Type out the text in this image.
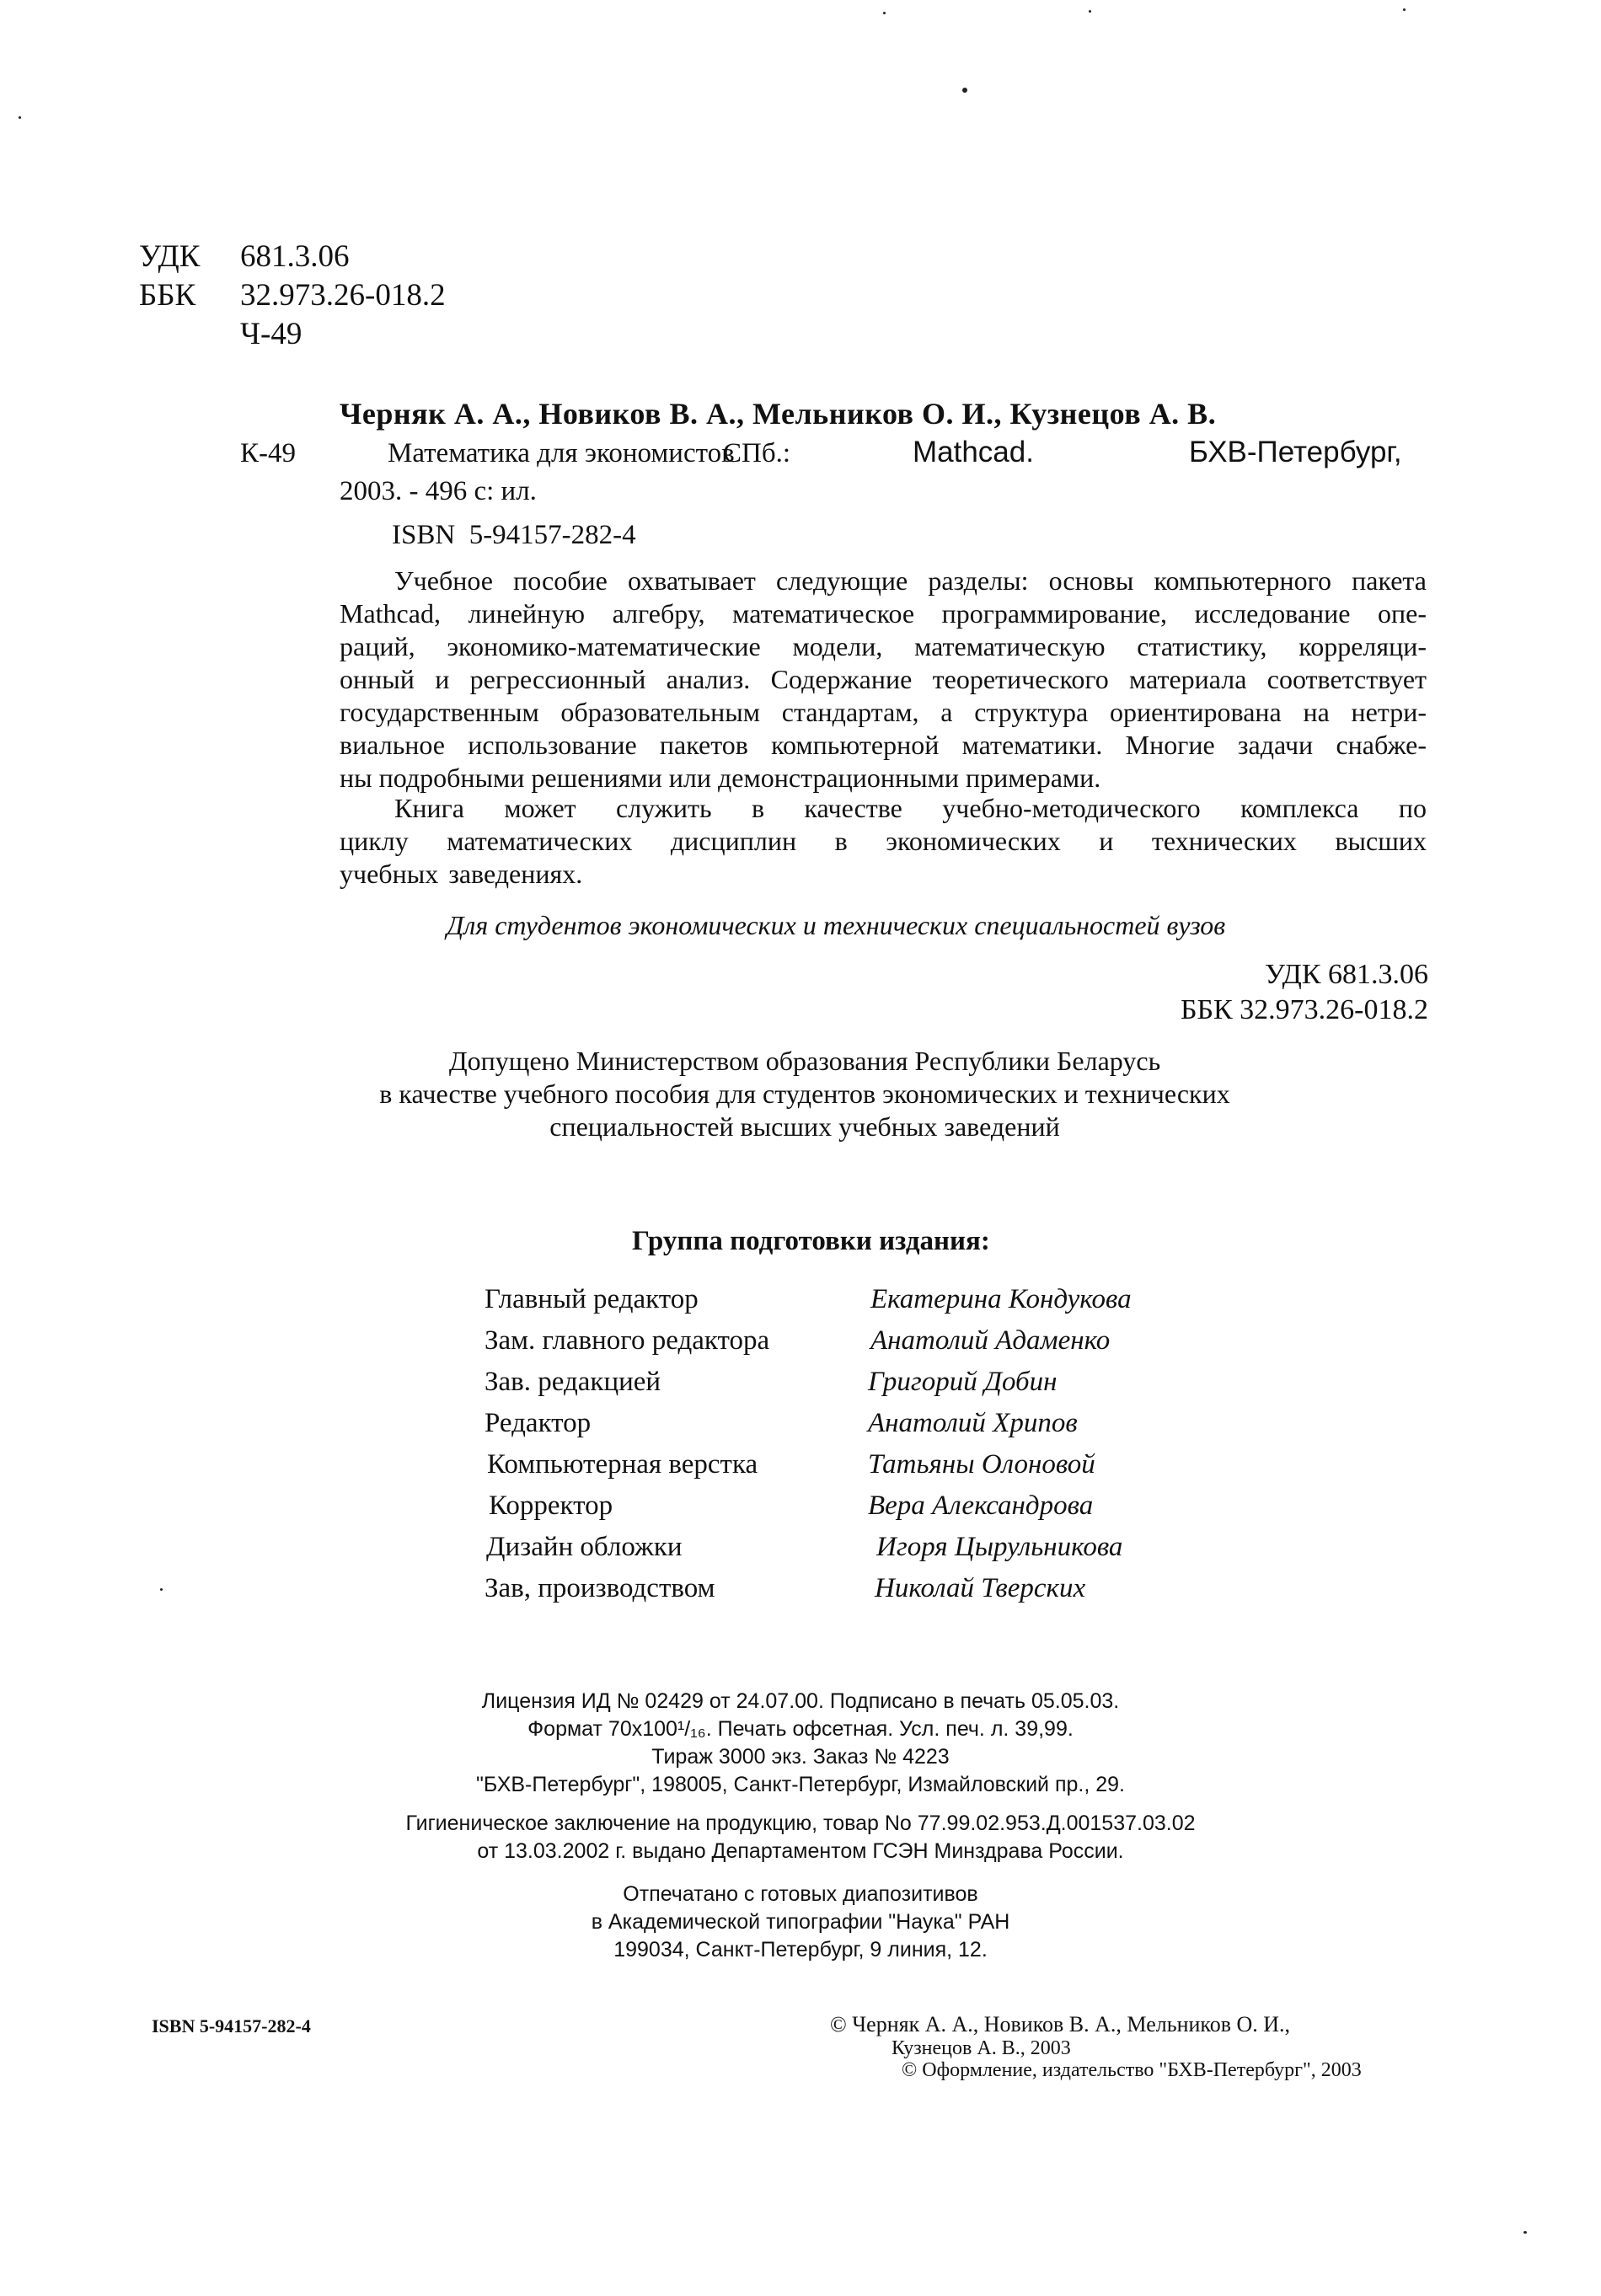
УДК 681.3.06
ББК 32.973.26-018.2
Ч-49
Черняк А. А., Новиков В. А., Мельников О. И., Кузнецов А. В.
К-49	Математика для экономистов
СПб.:	Mathcad.	БХВ-Петербург,
2003. - 496 с: ил.
ISBN 5-94157-282-4
Учебное пособие охватывает следующие разделы: основы компьютерного пакета
Mathcad, линейную алгебру, математическое программирование, исследование опе-
раций, экономико-математические модели, математическую статистику, корреляци-
онный и регрессионный анализ. Содержание теоретического материала соответствует
государственным образовательным стандартам, а структура ориентирована на нетри-
виальное использование пакетов компьютерной математики. Многие задачи снабже-
ны подробными решениями или демонстрационными примерами.
Книга может служить в качестве учебно-методического комплекса по
циклу математических дисциплин в экономических и технических высших
учебных заведениях.
Для студентов экономических и технических специальностей вузов
УДК 681.3.06
ББК 32.973.26-018.2
Допущено Министерством образования Республики Беларусь
в качестве учебного пособия для студентов экономических и технических
специальностей высших учебных заведений
Группа подготовки издания:
Главный редактор	Екатерина Кондукова
Зам. главного редактора	Анатолий Адаменко
Зав. редакцией	Григорий Добин
Редактор	Анатолий Хрипов
Компьютерная верстка	Татьяны Олоновой
Корректор	Вера Александрова
Дизайн обложки	Игоря Цырульникова
Зав, производством	Николай Тверских
Лицензия ИД № 02429 от 24.07.00. Подписано в печать 05.05.03.
Формат 70х100¹/₁₆. Печать офсетная. Усл. печ. л. 39,99.
Тираж 3000 экз. Заказ № 4223
"БХВ-Петербург", 198005, Санкт-Петербург, Измайловский пр., 29.
Гигиеническое заключение на продукцию, товар No 77.99.02.953.Д.001537.03.02
от 13.03.2002 г. выдано Департаментом ГСЭН Минздрава России.
Отпечатано с готовых диапозитивов
в Академической типографии "Наука" РАН
199034, Санкт-Петербург, 9 линия, 12.
ISBN 5-94157-282-4	© Черняк А. А., Новиков В. А., Мельников О. И.,
Кузнецов А. В., 2003
© Оформление, издательство "БХВ-Петербург", 2003
